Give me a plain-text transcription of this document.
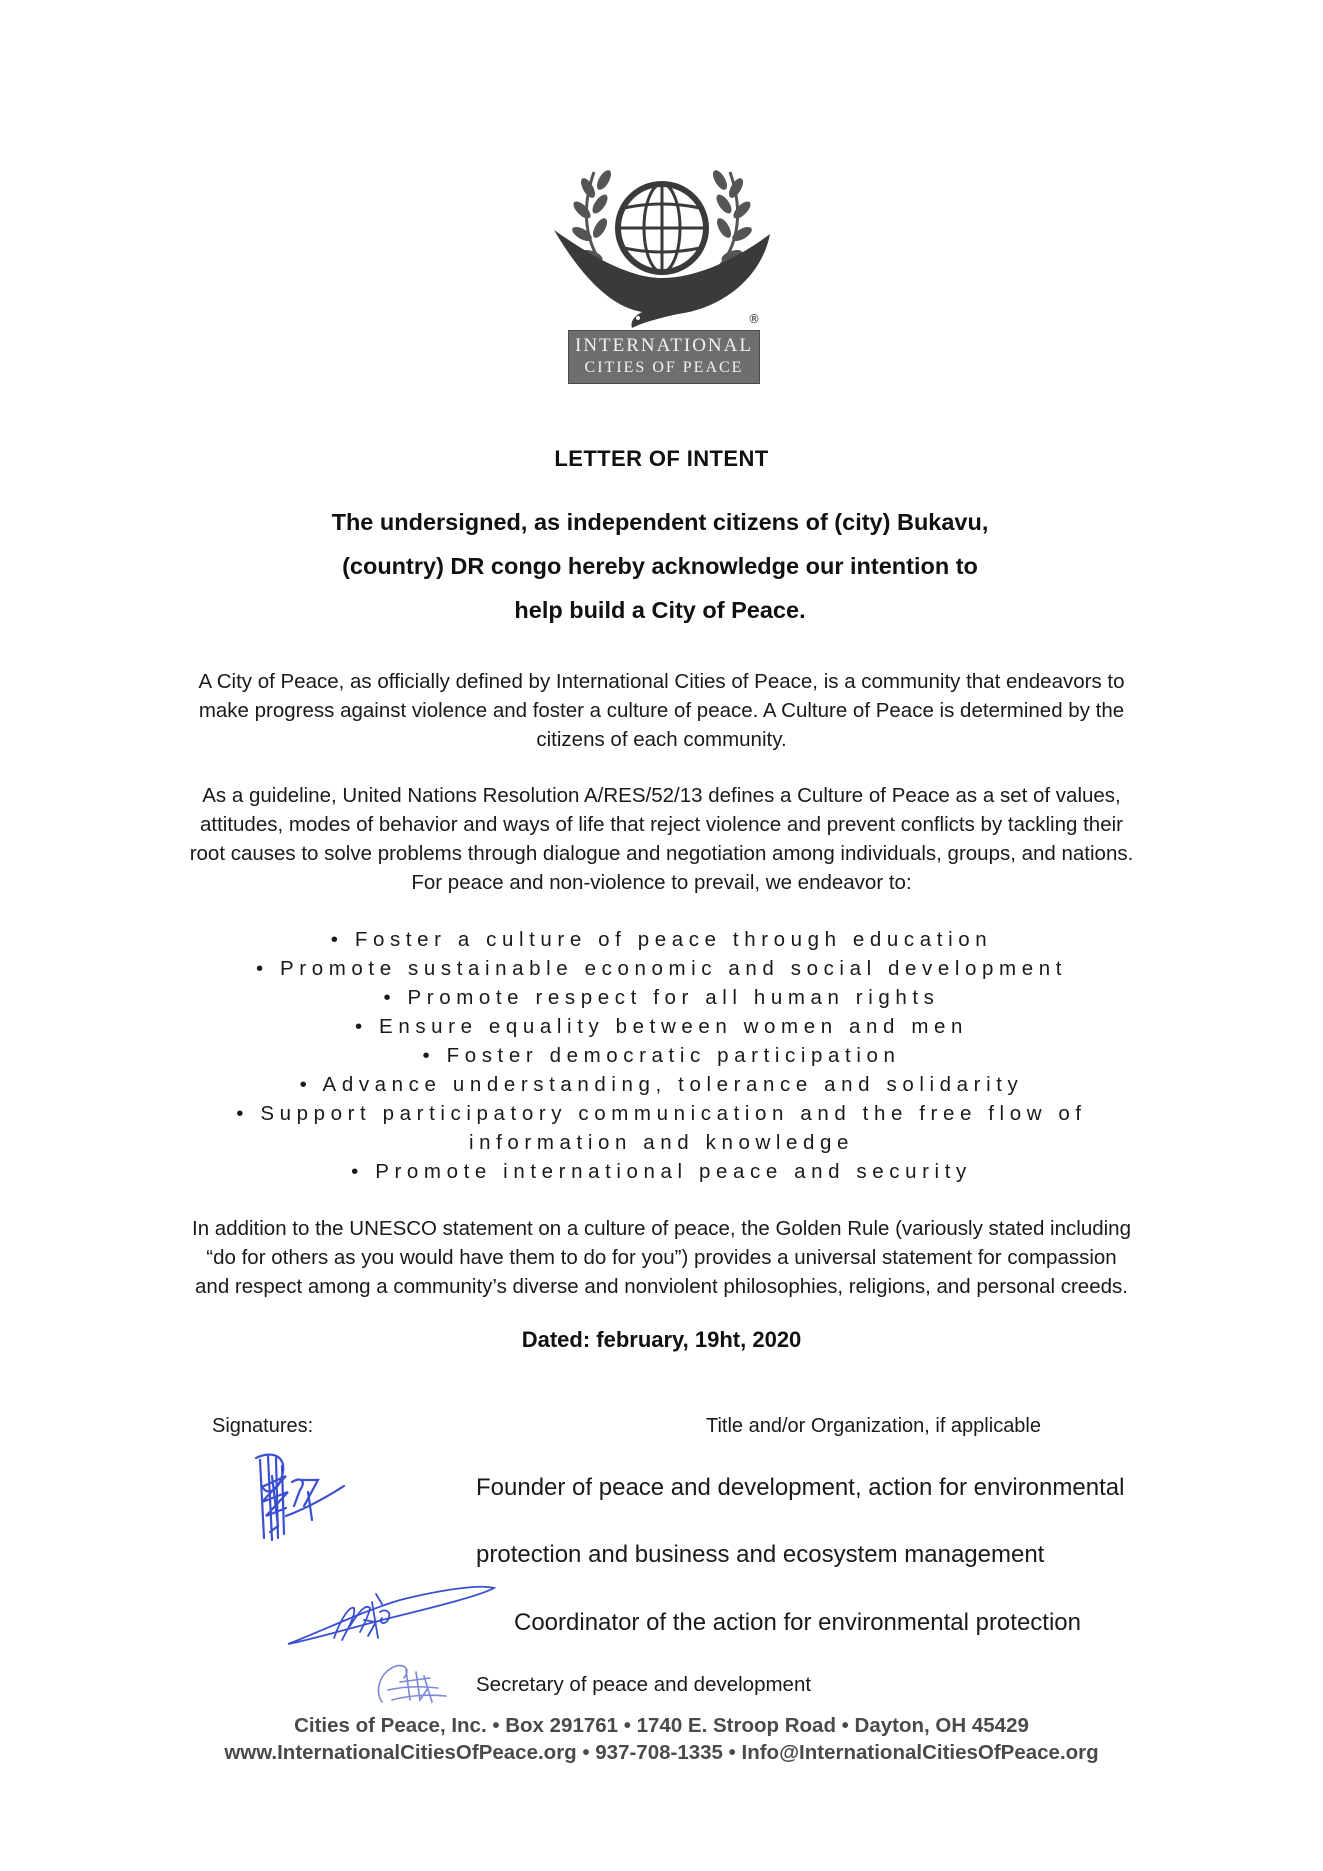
®
INTERNATIONAL
CITIES OF PEACE
LETTER OF INTENT
The undersigned, as independent citizens of (city) Bukavu,
(country) DR congo hereby acknowledge our intention to
help build a City of Peace.
A City of Peace, as officially defined by International Cities of Peace, is a community that endeavors to
make progress against violence and foster a culture of peace. A Culture of Peace is determined by the
citizens of each community.
As a guideline, United Nations Resolution A/RES/52/13 defines a Culture of Peace as a set of values,
attitudes, modes of behavior and ways of life that reject violence and prevent conflicts by tackling their
root causes to solve problems through dialogue and negotiation among individuals, groups, and nations.
For peace and non-violence to prevail, we endeavor to:
• Foster a culture of peace through education
• Promote sustainable economic and social development
• Promote respect for all human rights
• Ensure equality between women and men
• Foster democratic participation
• Advance understanding, tolerance and solidarity
• Support participatory communication and the free flow of
information and knowledge
• Promote international peace and security
In addition to the UNESCO statement on a culture of peace, the Golden Rule (variously stated including
“do for others as you would have them to do for you”) provides a universal statement for compassion
and respect among a community’s diverse and nonviolent philosophies, religions, and personal creeds.
Dated: february, 19ht, 2020
Signatures:	Title and/or Organization, if applicable
Founder of peace and development, action for environmental
protection and business and ecosystem management
Coordinator of the action for environmental protection
Secretary of peace and development
Cities of Peace, Inc. • Box 291761 • 1740 E. Stroop Road • Dayton, OH 45429
www.InternationalCitiesOfPeace.org • 937-708-1335 • Info@InternationalCitiesOfPeace.org
